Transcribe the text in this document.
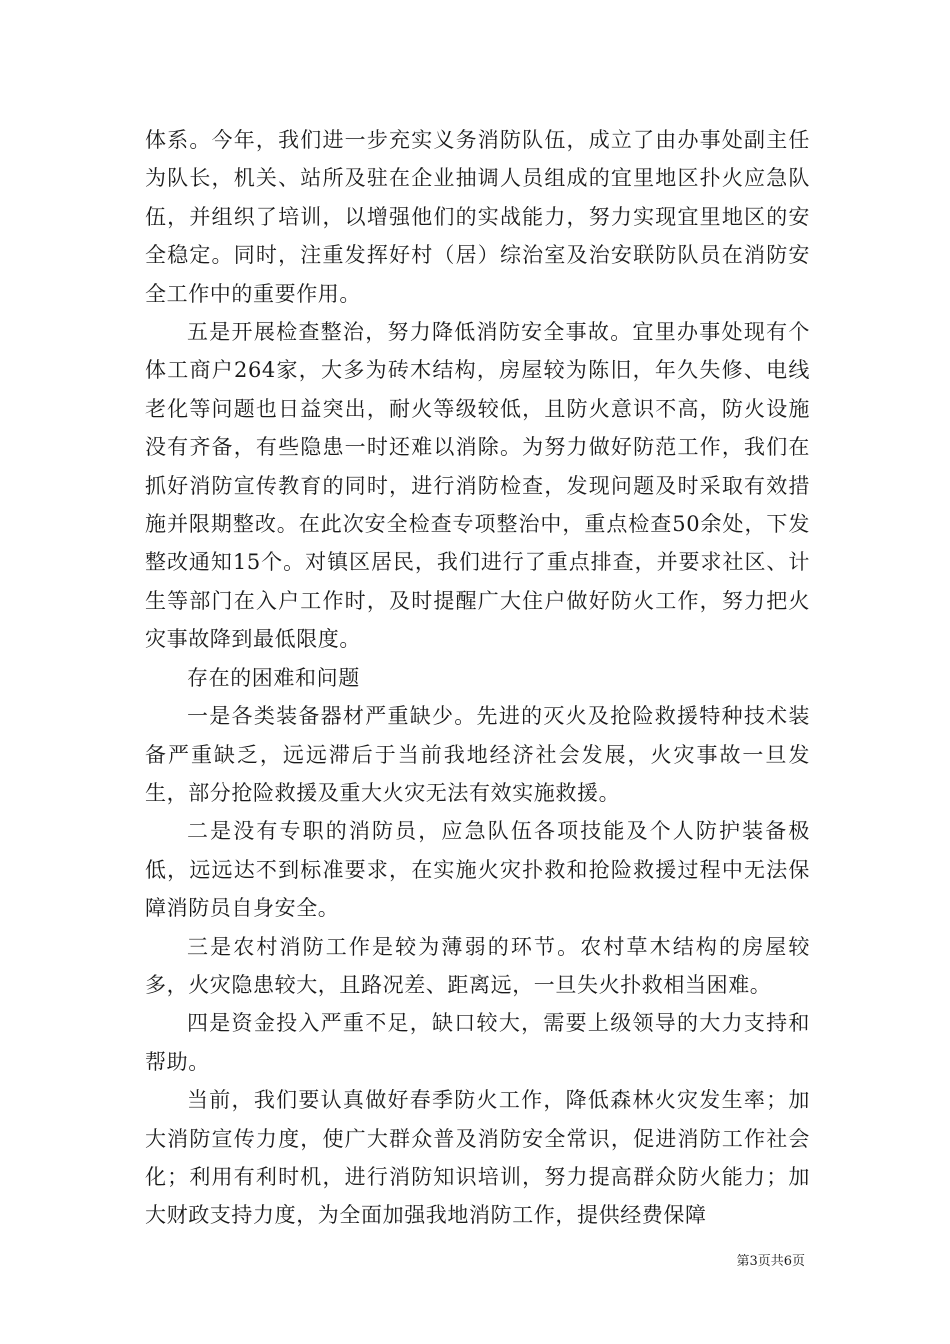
体系。今年，我们进一步充实义务消防队伍，成立了由办事处副主任为队长，机关、站所及驻在企业抽调人员组成的宜里地区扑火应急队伍，并组织了培训，以增强他们的实战能力，努力实现宜里地区的安全稳定。同时，注重发挥好村（居）综治室及治安联防队员在消防安全工作中的重要作用。

五是开展检查整治，努力降低消防安全事故。宜里办事处现有个体工商户264家，大多为砖木结构，房屋较为陈旧，年久失修、电线老化等问题也日益突出，耐火等级较低，且防火意识不高，防火设施没有齐备，有些隐患一时还难以消除。为努力做好防范工作，我们在抓好消防宣传教育的同时，进行消防检查，发现问题及时采取有效措施并限期整改。在此次安全检查专项整治中，重点检查50余处，下发整改通知15个。对镇区居民，我们进行了重点排查，并要求社区、计生等部门在入户工作时，及时提醒广大住户做好防火工作，努力把火灾事故降到最低限度。

存在的困难和问题

一是各类装备器材严重缺少。先进的灭火及抢险救援特种技术装备严重缺乏，远远滞后于当前我地经济社会发展，火灾事故一旦发生，部分抢险救援及重大火灾无法有效实施救援。

二是没有专职的消防员，应急队伍各项技能及个人防护装备极低，远远达不到标准要求，在实施火灾扑救和抢险救援过程中无法保障消防员自身安全。

三是农村消防工作是较为薄弱的环节。农村草木结构的房屋较多，火灾隐患较大，且路况差、距离远，一旦失火扑救相当困难。

四是资金投入严重不足，缺口较大，需要上级领导的大力支持和帮助。

当前，我们要认真做好春季防火工作，降低森林火灾发生率；加大消防宣传力度，使广大群众普及消防安全常识，促进消防工作社会化；利用有利时机，进行消防知识培训，努力提高群众防火能力；加大财政支持力度，为全面加强我地消防工作，提供经费保障

第3页共6页
